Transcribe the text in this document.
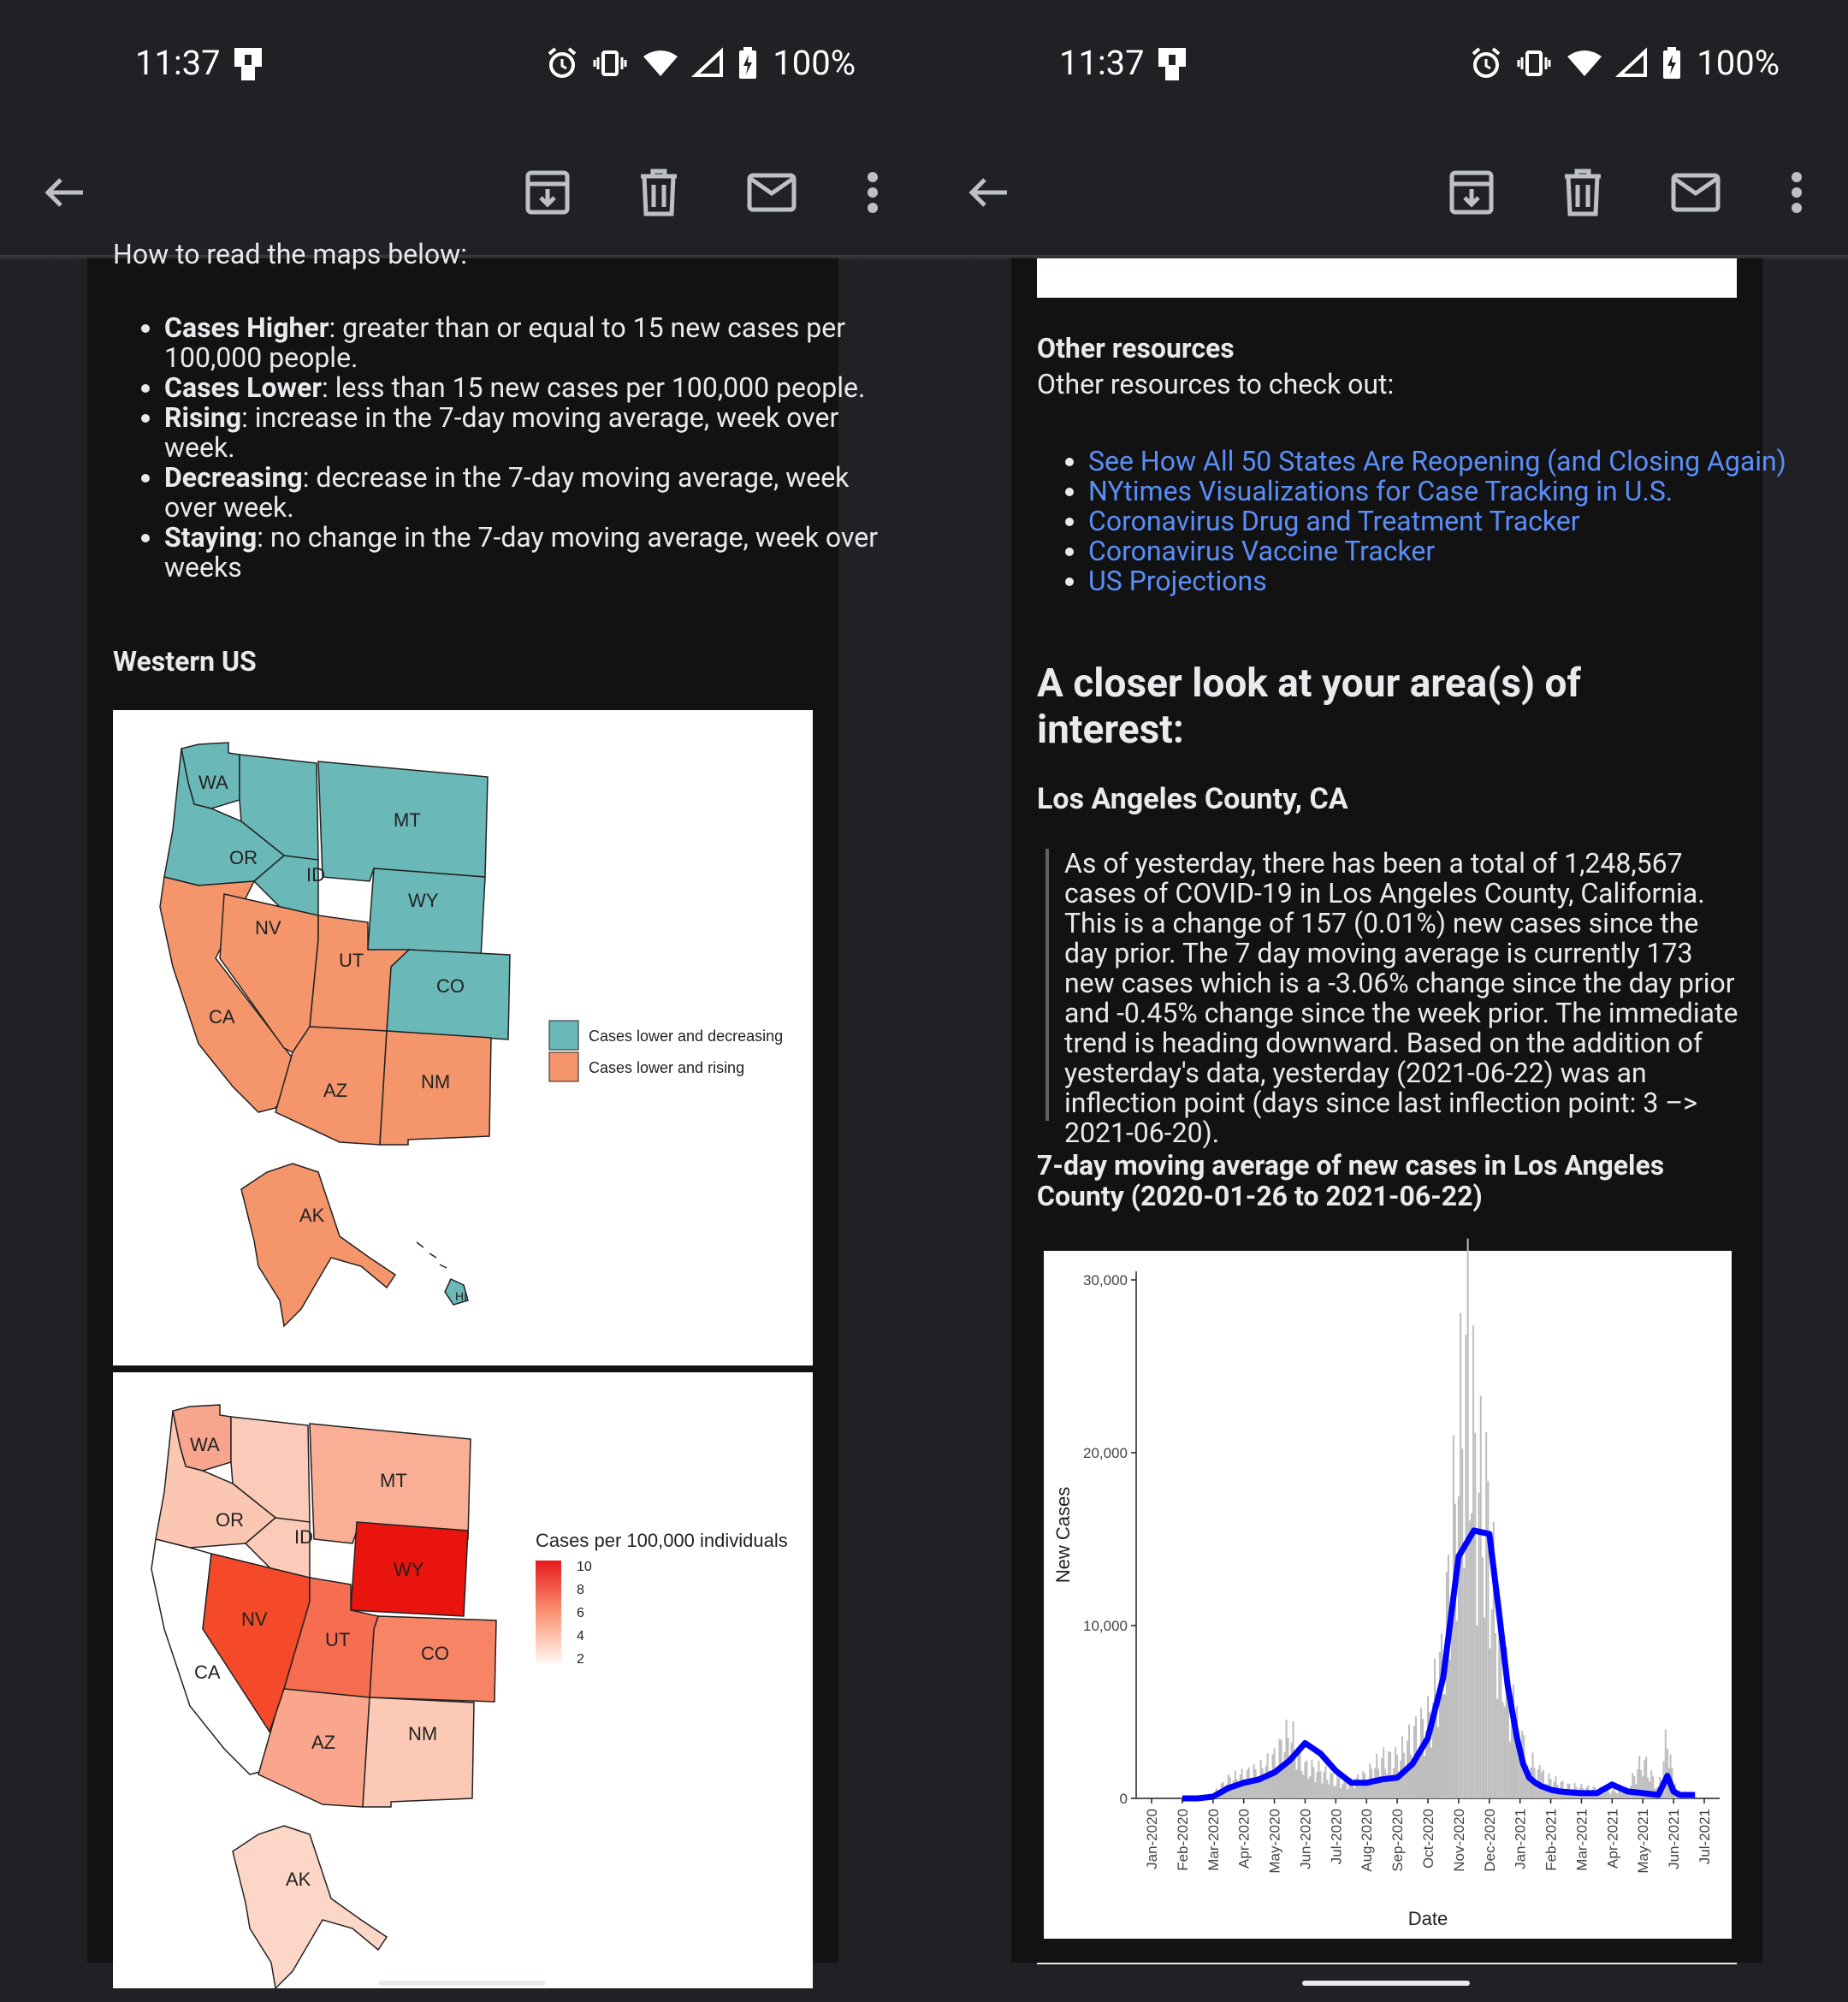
11:37	100%

How to read the maps below:

• Cases Higher: greater than or equal to 15 new cases per 100,000 people.
• Cases Lower: less than 15 new cases per 100,000 people.
• Rising: increase in the 7-day moving average, week over week.
• Decreasing: decrease in the 7-day moving average, week over week.
• Staying: no change in the 7-day moving average, week over weeks
Western US
WA
OR
ID
MT
WY
NV
UT
CO
CA
AZ	NM
AK
HI
Cases lower and decreasing
Cases lower and rising
WA
OR
ID
MT
WY
NV
UT
CO
CA
AZ	NM
AK
Cases per 100,000 individuals
10
8
6
4
2
11:37	100%
Other resources

Other resources to check out:

• See How All 50 States Are Reopening (and Closing Again)
• NYtimes Visualizations for Case Tracking in U.S.
• Coronavirus Drug and Treatment Tracker
• Coronavirus Vaccine Tracker
• US Projections
A closer look at your area(s) of interest:
Los Angeles County, CA

As of yesterday, there has been a total of 1,248,567 cases of COVID-19 in Los Angeles County, California. This is a change of 157 (0.01%) new cases since the day prior. The 7 day moving average is currently 173 new cases which is a -3.06% change since the day prior and -0.45% change since the week prior. The immediate trend is heading downward. Based on the addition of yesterday's data, yesterday (2021-06-22) was an inflection point (days since last inflection point: 3 –> 2021-06-20).

7-day moving average of new cases in Los Angeles County (2020-01-26 to 2021-06-22)
0
10,000
20,000
30,000
Jan-2020 Feb-2020 Mar-2020 Apr-2020 May-2020 Jun-2020 Jul-2020 Aug-2020 Sep-2020 Oct-2020 Nov-2020 Dec-2020 Jan-2021 Feb-2021 Mar-2021 Apr-2021 May-2021 Jun-2021 Jul-2021
Date
New Cases
